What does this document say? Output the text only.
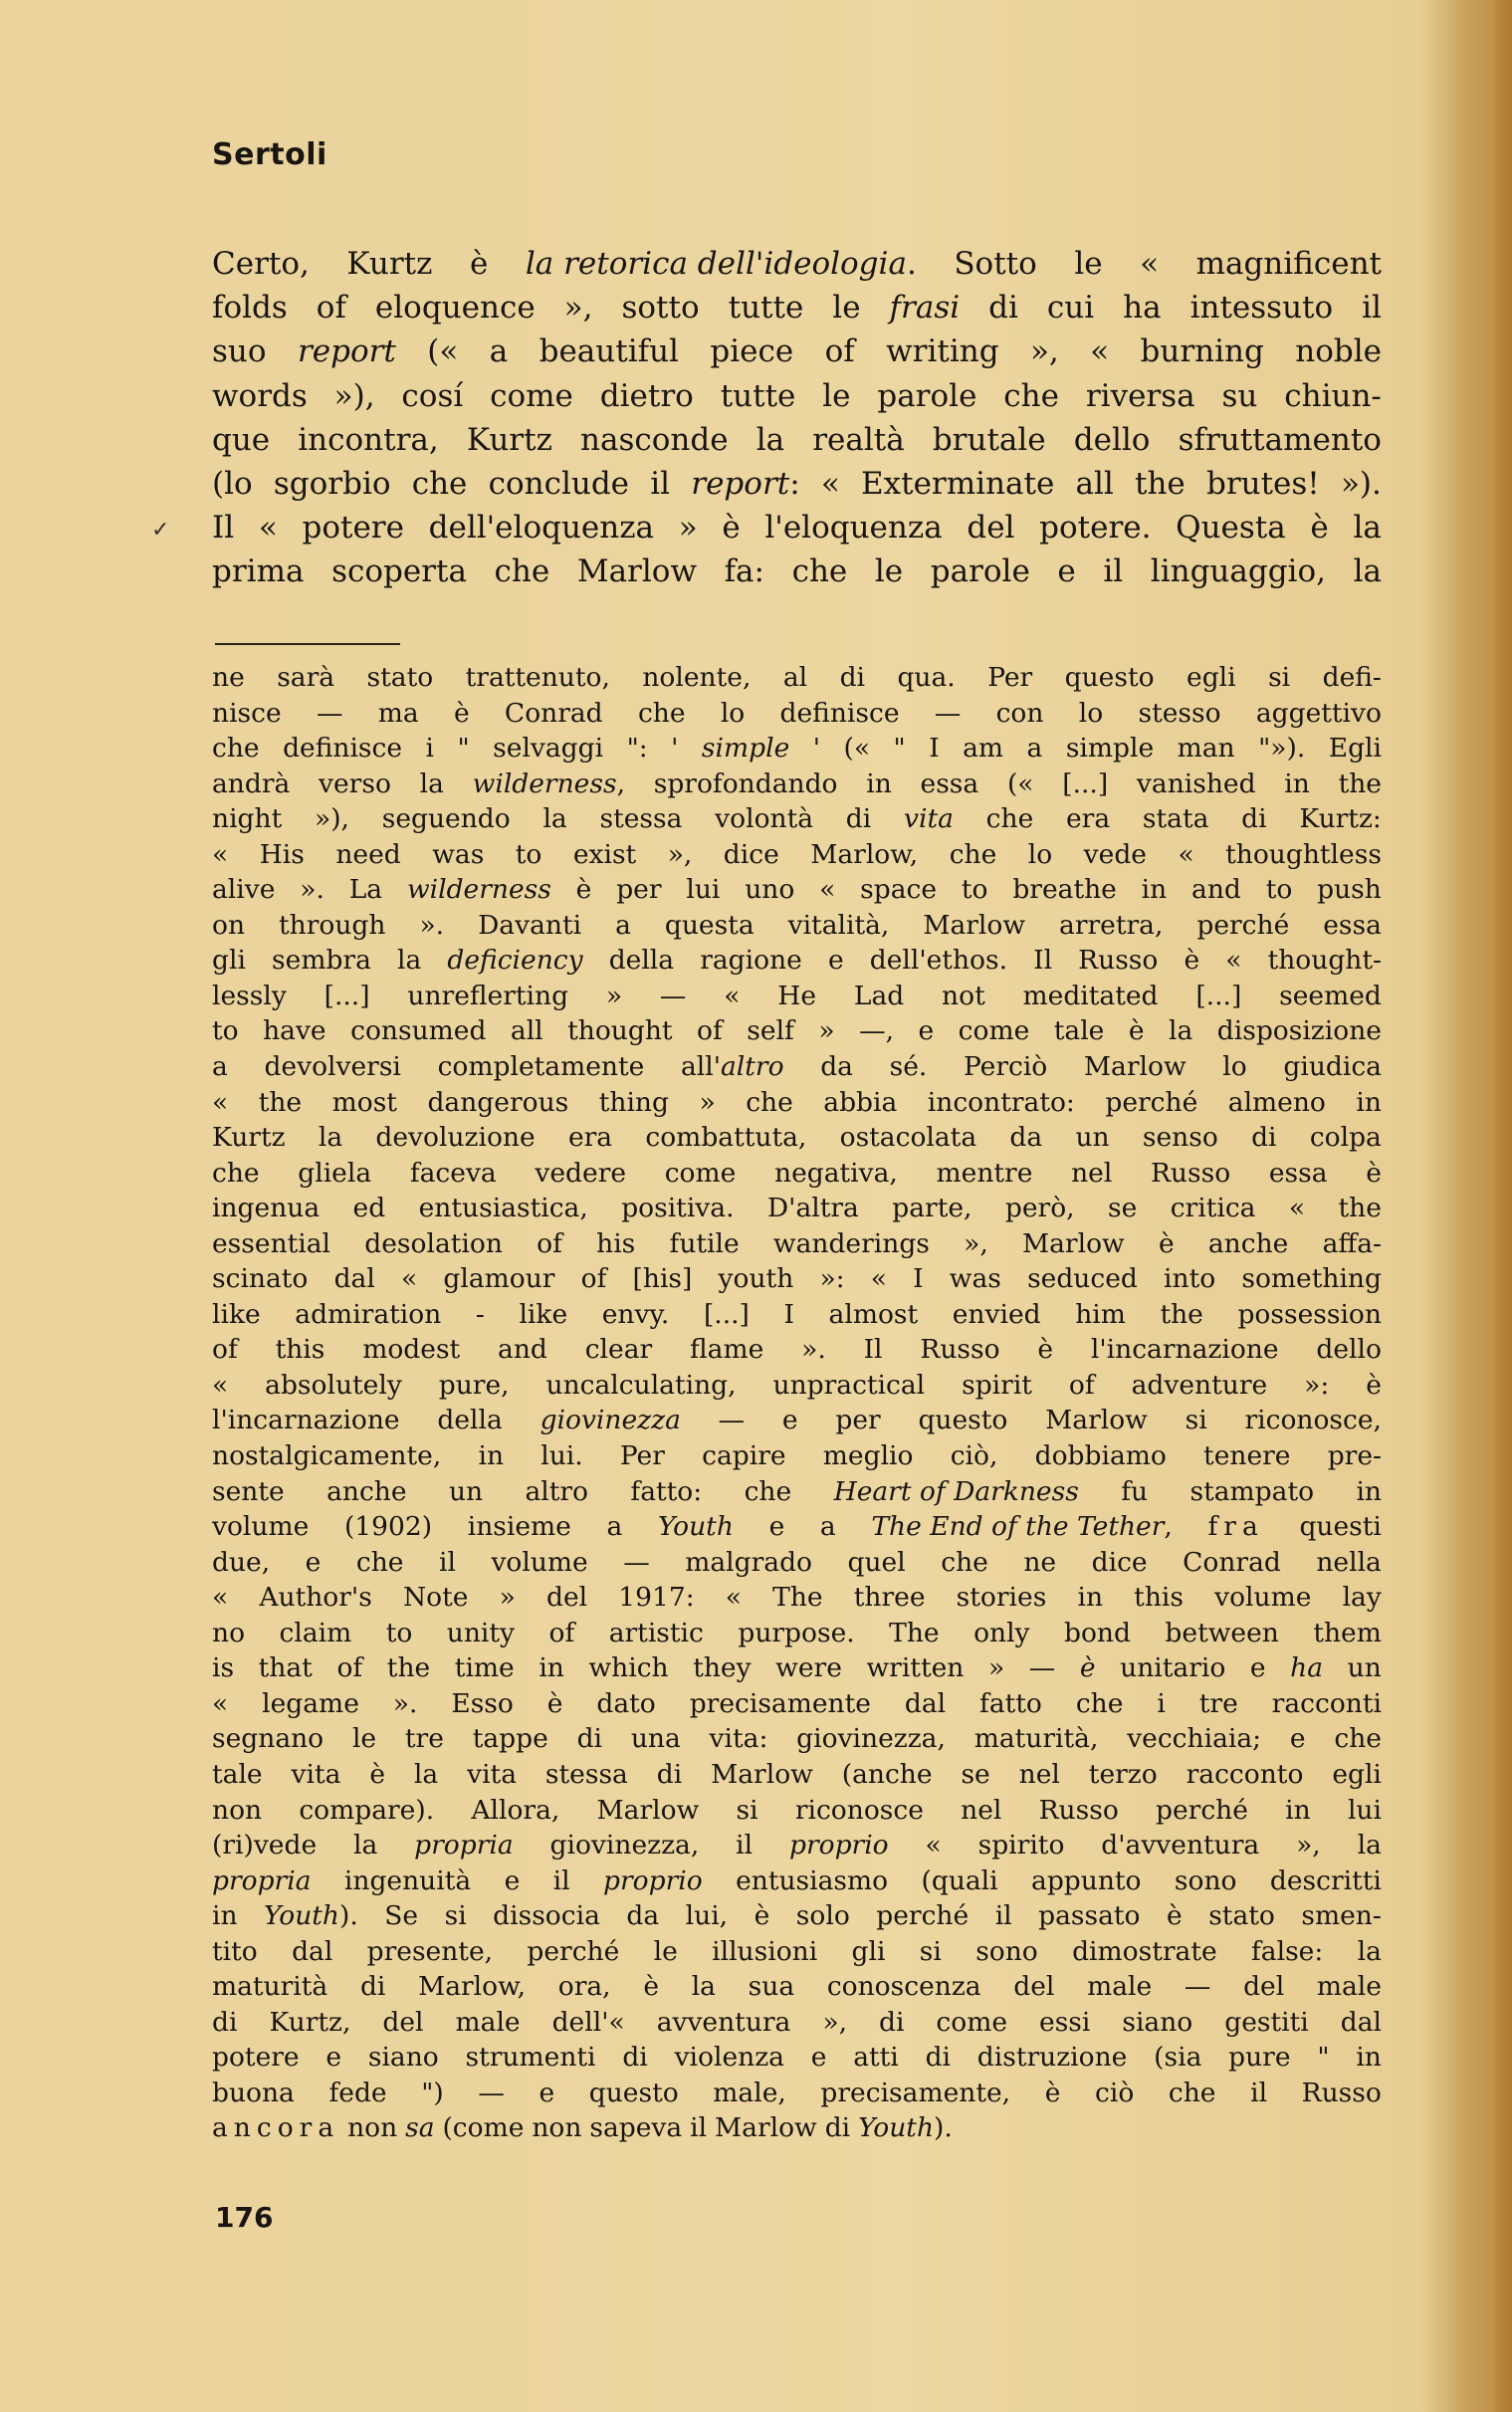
Sertoli
✓
Certo, Kurtz è la retorica dell'ideologia. Sotto le « magnificent
folds of eloquence », sotto tutte le frasi di cui ha intessuto il
suo report (« a beautiful piece of writing », « burning noble
words »), cosí come dietro tutte le parole che riversa su chiun-
que incontra, Kurtz nasconde la realtà brutale dello sfruttamento
(lo sgorbio che conclude il report: « Exterminate all the brutes! »).
Il « potere dell'eloquenza » è l'eloquenza del potere. Questa è la
prima scoperta che Marlow fa: che le parole e il linguaggio, la
ne sarà stato trattenuto, nolente, al di qua. Per questo egli si defi-
nisce — ma è Conrad che lo definisce — con lo stesso aggettivo
che definisce i " selvaggi ": ' simple ' (« " I am a simple man "»). Egli
andrà verso la wilderness, sprofondando in essa (« [...] vanished in the
night »), seguendo la stessa volontà di vita che era stata di Kurtz:
« His need was to exist », dice Marlow, che lo vede « thoughtless
alive ». La wilderness è per lui uno « space to breathe in and to push
on through ». Davanti a questa vitalità, Marlow arretra, perché essa
gli sembra la deficiency della ragione e dell'ethos. Il Russo è « thought-
lessly [...] unreflerting » — « He Lad not meditated [...] seemed
to have consumed all thought of self » —, e come tale è la disposizione
a devolversi completamente all'altro da sé. Perciò Marlow lo giudica
« the most dangerous thing » che abbia incontrato: perché almeno in
Kurtz la devoluzione era combattuta, ostacolata da un senso di colpa
che gliela faceva vedere come negativa, mentre nel Russo essa è
ingenua ed entusiastica, positiva. D'altra parte, però, se critica « the
essential desolation of his futile wanderings », Marlow è anche affa-
scinato dal « glamour of [his] youth »: « I was seduced into something
like admiration - like envy. [...] I almost envied him the possession
of this modest and clear flame ». Il Russo è l'incarnazione dello
« absolutely pure, uncalculating, unpractical spirit of adventure »: è
l'incarnazione della giovinezza — e per questo Marlow si riconosce,
nostalgicamente, in lui. Per capire meglio ciò, dobbiamo tenere pre-
sente anche un altro fatto: che Heart of Darkness fu stampato in
volume (1902) insieme a Youth e a The End of the Tether, fra questi
due, e che il volume — malgrado quel che ne dice Conrad nella
« Author's Note » del 1917: « The three stories in this volume lay
no claim to unity of artistic purpose. The only bond between them
is that of the time in which they were written » — è unitario e ha un
« legame ». Esso è dato precisamente dal fatto che i tre racconti
segnano le tre tappe di una vita: giovinezza, maturità, vecchiaia; e che
tale vita è la vita stessa di Marlow (anche se nel terzo racconto egli
non compare). Allora, Marlow si riconosce nel Russo perché in lui
(ri)vede la propria giovinezza, il proprio « spirito d'avventura », la
propria ingenuità e il proprio entusiasmo (quali appunto sono descritti
in Youth). Se si dissocia da lui, è solo perché il passato è stato smen-
tito dal presente, perché le illusioni gli si sono dimostrate false: la
maturità di Marlow, ora, è la sua conoscenza del male — del male
di Kurtz, del male dell'« avventura », di come essi siano gestiti dal
potere e siano strumenti di violenza e atti di distruzione (sia pure " in
buona fede ") — e questo male, precisamente, è ciò che il Russo
ancora non sa (come non sapeva il Marlow di Youth).
176
